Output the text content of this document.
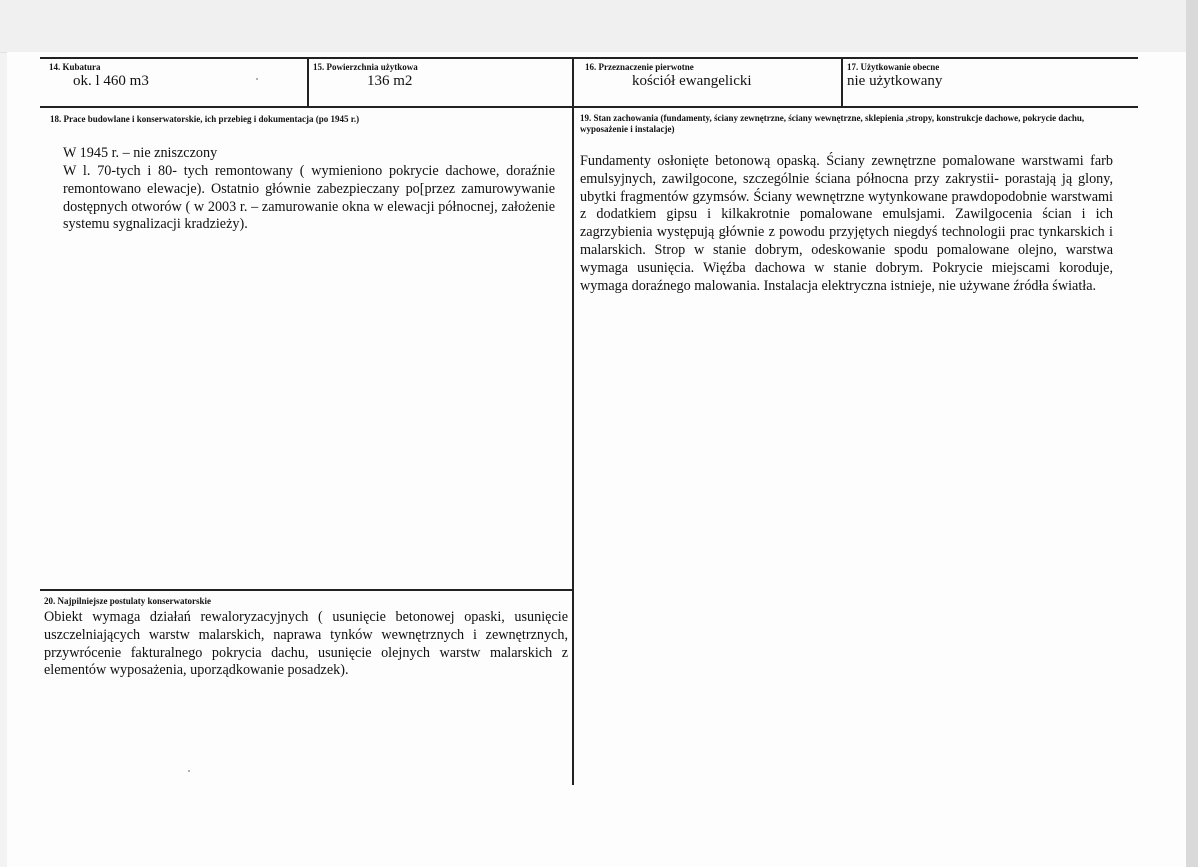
14. Kubatura
ok. l 460 m3
15. Powierzchnia użytkowa
136 m2
16. Przeznaczenie pierwotne
kościół ewangelicki
17. Użytkowanie obecne
nie użytkowany
18. Prace budowlane i konserwatorskie, ich przebieg i dokumentacja (po 1945 r.)
W 1945 r. – nie zniszczony
W l. 70-tych i 80- tych remontowany ( wymieniono pokrycie dachowe, doraźnie remontowano elewacje). Ostatnio głównie zabezpieczany po[przez zamurowywanie dostępnych otworów ( w 2003 r. – zamurowanie okna w elewacji północnej, założenie systemu sygnalizacji kradzieży).
19. Stan zachowania (fundamenty, ściany zewnętrzne, ściany wewnętrzne, sklepienia ,stropy, konstrukcje dachowe, pokrycie dachu, wyposażenie i instalacje)
Fundamenty osłonięte betonową opaską. Ściany zewnętrzne pomalowane warstwami farb emulsyjnych, zawilgocone, szczególnie ściana północna przy zakrystii- porastają ją glony, ubytki fragmentów gzymsów. Ściany wewnętrzne wytynkowane prawdopodobnie warstwami z dodatkiem gipsu i kilkakrotnie pomalowane emulsjami. Zawilgocenia ścian i ich zagrzybienia występują głównie z powodu przyjętych niegdyś technologii prac tynkarskich i malarskich. Strop w stanie dobrym, odeskowanie spodu pomalowane olejno, warstwa wymaga usunięcia. Więźba dachowa w stanie dobrym. Pokrycie miejscami koroduje, wymaga doraźnego malowania. Instalacja elektryczna istnieje, nie używane źródła światła.
20. Najpilniejsze postulaty konserwatorskie
Obiekt wymaga działań rewaloryzacyjnych ( usunięcie betonowej opaski, usunięcie uszczelniających warstw malarskich, naprawa tynków wewnętrznych i zewnętrznych, przywrócenie fakturalnego pokrycia dachu, usunięcie olejnych warstw malarskich z elementów wyposażenia, uporządkowanie posadzek).
